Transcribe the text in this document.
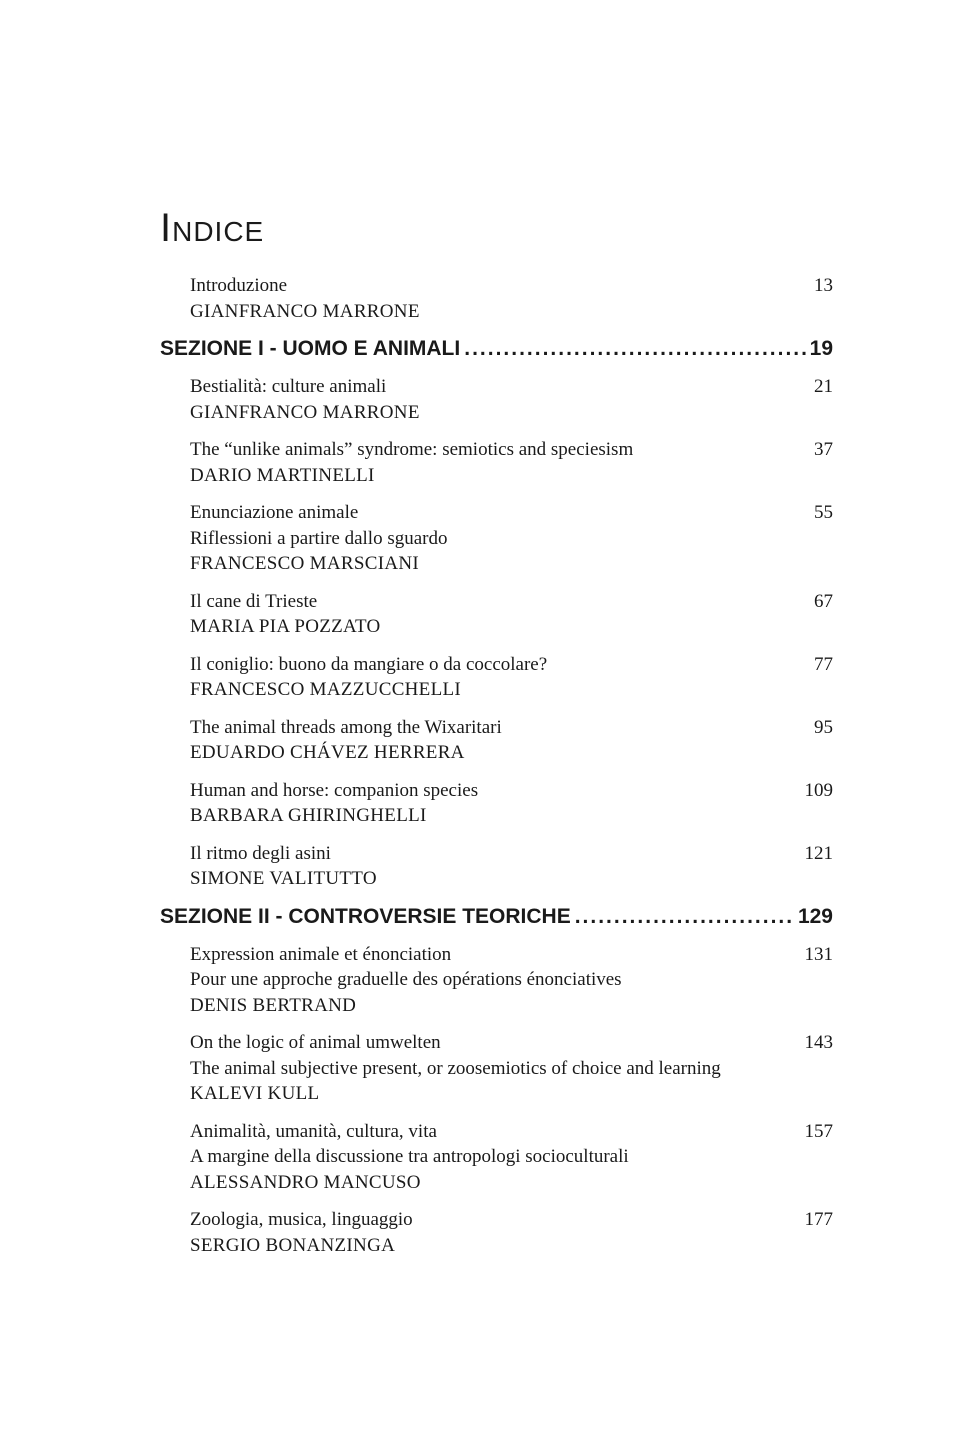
Indice
Introduzione
GIANFRANCO MARRONE
13
SEZIONE I - UOMO E ANIMALI .....	19
Bestialità: culture animali
GIANFRANCO MARRONE
21
The “unlike animals” syndrome: semiotics and speciesism
DARIO MARTINELLI
37
Enunciazione animale
Riflessioni a partire dallo sguardo
FRANCESCO MARSCIANI
55
Il cane di Trieste
MARIA PIA POZZATO
67
Il coniglio: buono da mangiare o da coccolare?
FRANCESCO MAZZUCCHELLI
77
The animal threads among the Wixaritari
EDUARDO CHÁVEZ HERRERA
95
Human and horse: companion species
BARBARA GHIRINGHELLI
109
Il ritmo degli asini
SIMONE VALITUTTO
121
SEZIONE II - CONTROVERSIE TEORICHE .....	129
Expression animale et énonciation
Pour une approche graduelle des opérations énonciatives
DENIS BERTRAND
131
On the logic of animal umwelten
The animal subjective present, or zoosemiotics of choice and learning
KALEVI KULL
143
Animalità, umanità, cultura, vita
A margine della discussione tra antropologi socioculturali
ALESSANDRO MANCUSO
157
Zoologia, musica, linguaggio
SERGIO BONANZINGA
177
